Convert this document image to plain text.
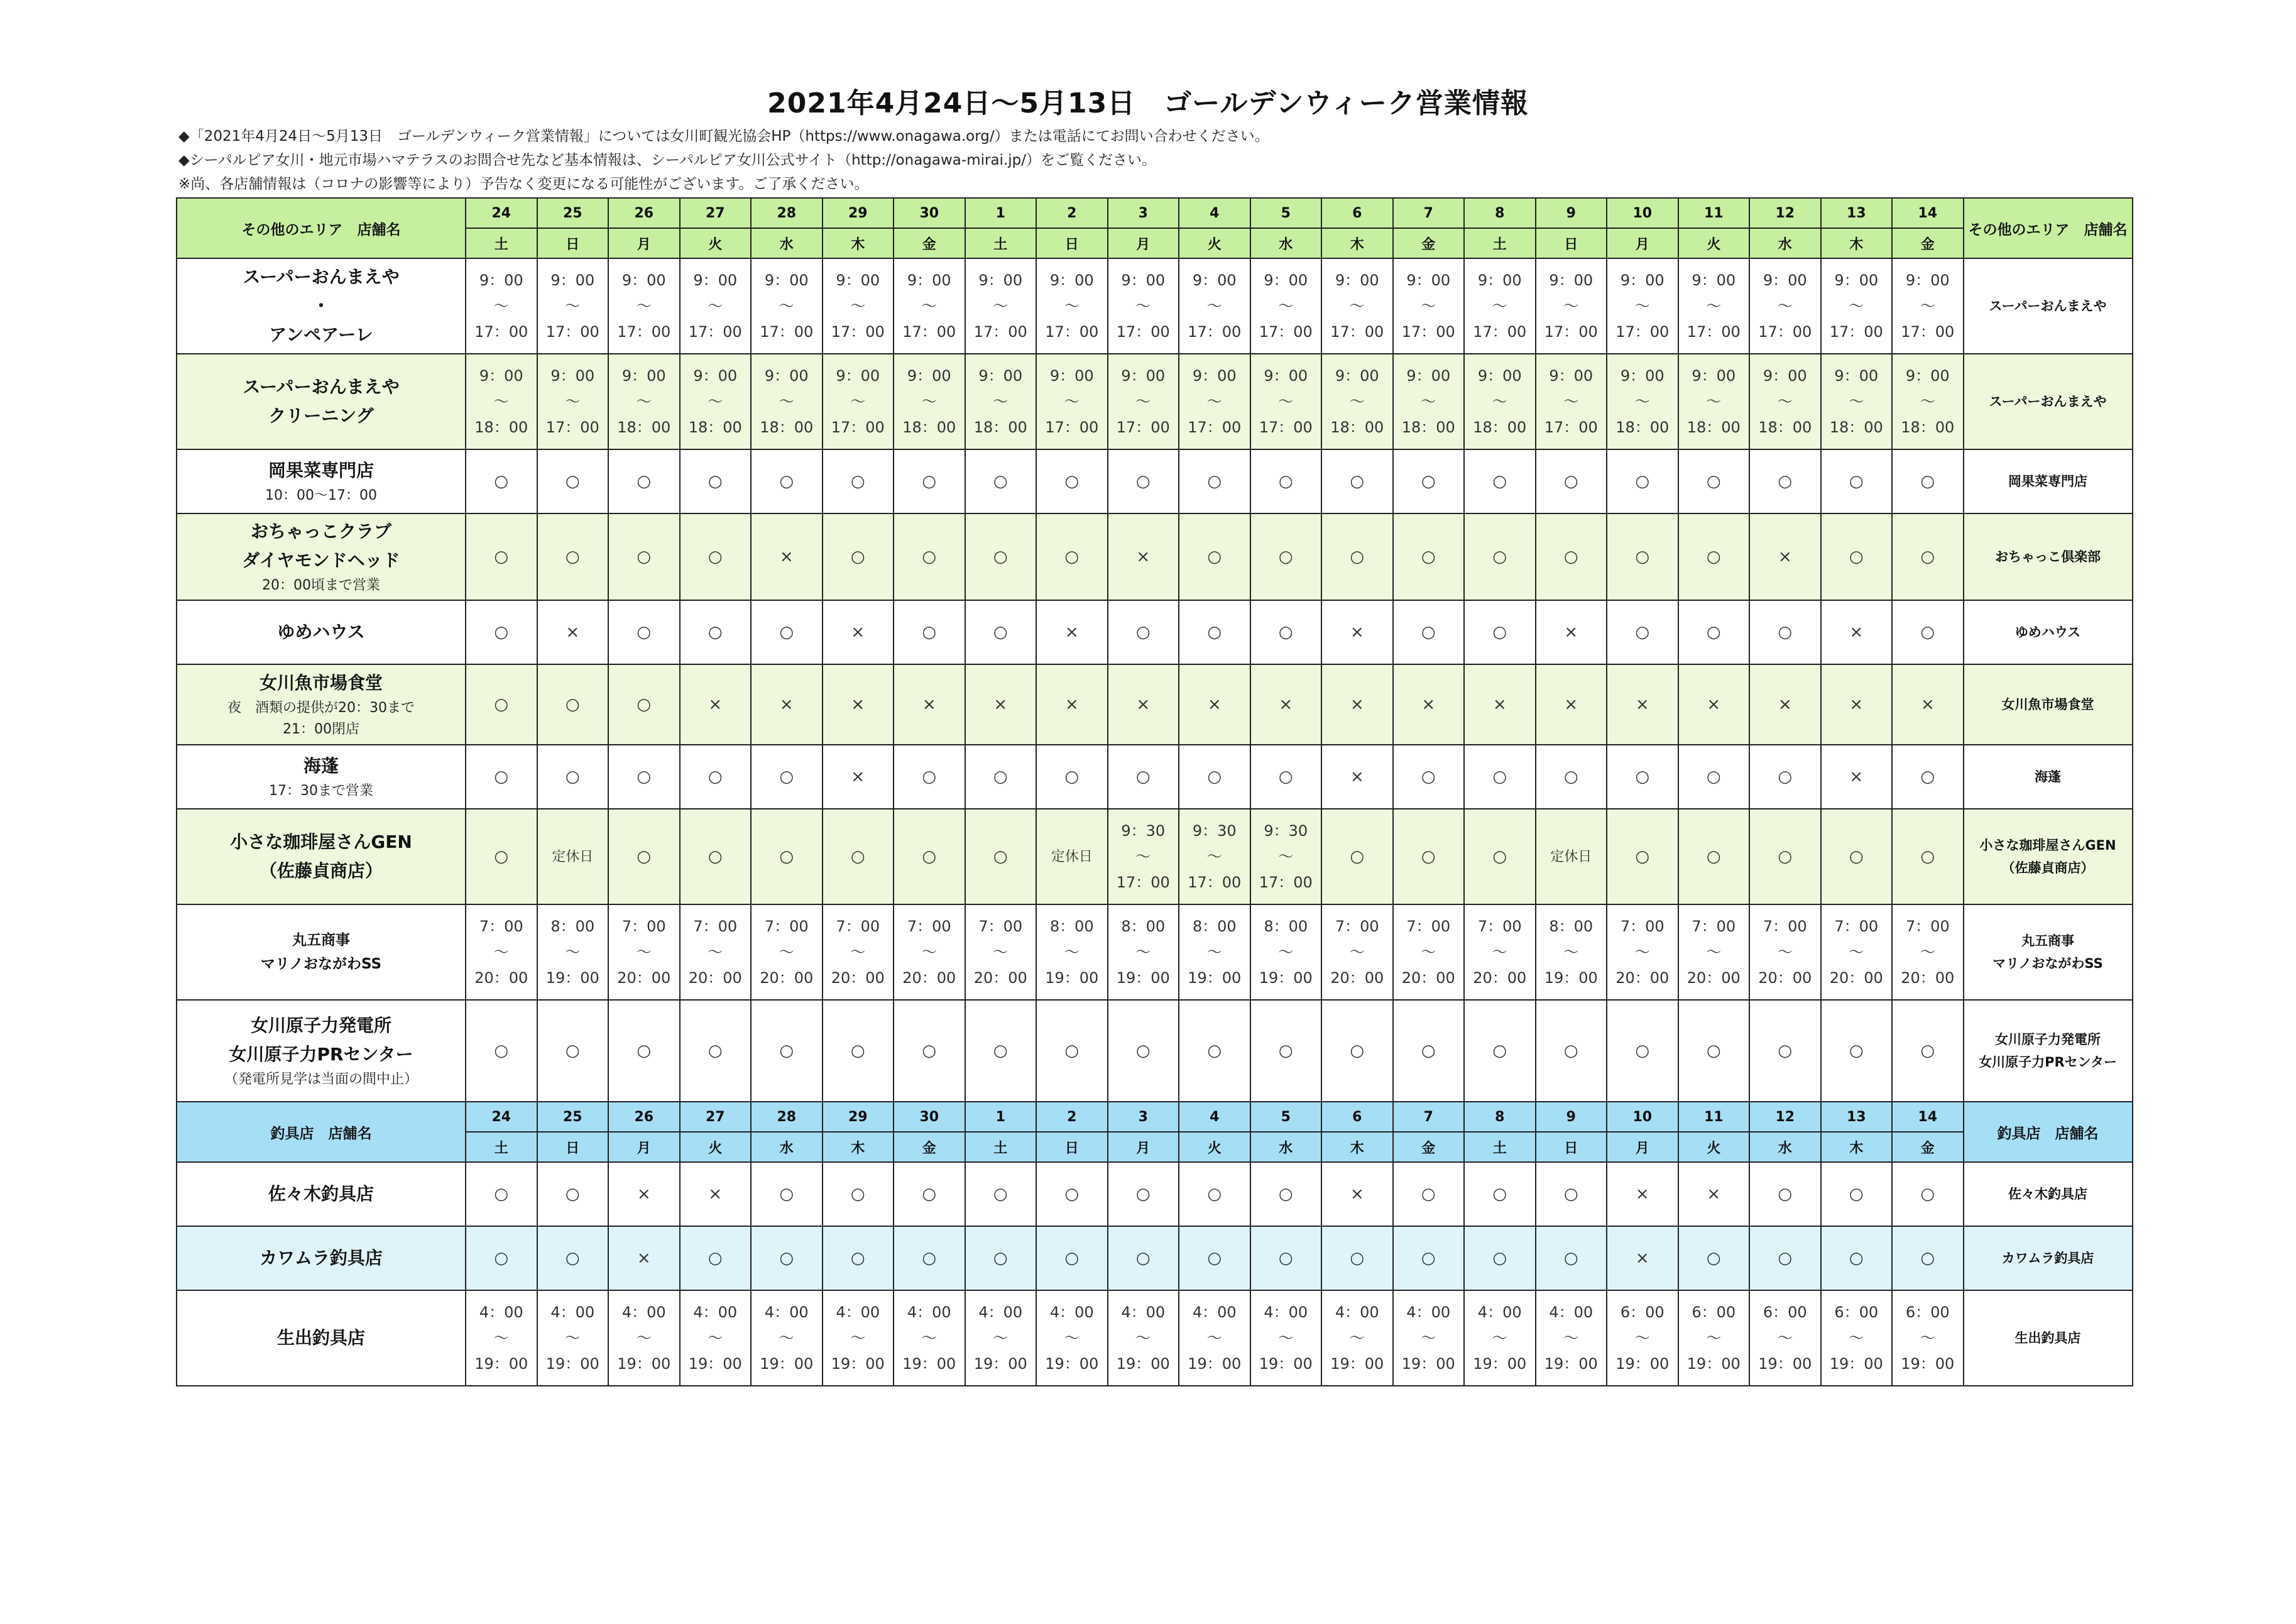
2021年4月24日～5月13日　ゴールデンウィーク営業情報
◆「2021年4月24日～5月13日　ゴールデンウィーク営業情報」については女川町観光協会HP（https://www.onagawa.org/）または電話にてお問い合わせください。
◆シーパルピア女川・地元市場ハマテラスのお問合せ先など基本情報は、シーパルピア女川公式サイト（http://onagawa-mirai.jp/）をご覧ください。
※尚、各店舗情報は（コロナの影響等により）予告なく変更になる可能性がございます。ご了承ください。
その他のエリア　店舗名	24	25	26	27	28	29	30	1	2	3	4	5	6	7	8	9	10	11	12	13	14	その他のエリア　店舗名
	土	日	月	火	水	木	金	土	日	月	火	水	木	金	土	日	月	火	水	木	金	

スーパーおんまえや
・
アンペアーレ	9：00
～
17：00	9：00
～
17：00	9：00
～
17：00	9：00
～
17：00	9：00
～
17：00	9：00
～
17：00	9：00
～
17：00	9：00
～
17：00	9：00
～
17：00	9：00
～
17：00	9：00
～
17：00	9：00
～
17：00	9：00
～
17：00	9：00
～
17：00	9：00
～
17：00	9：00
～
17：00	9：00
～
17：00	9：00
～
17：00	9：00
～
17：00	9：00
～
17：00	9：00
～
17：00	スーパーおんまえや

スーパーおんまえや
クリーニング	9：00
～
18：00	9：00
～
17：00	9：00
～
18：00	9：00
～
18：00	9：00
～
18：00	9：00
～
17：00	9：00
～
18：00	9：00
～
18：00	9：00
～
17：00	9：00
～
17：00	9：00
～
17：00	9：00
～
17：00	9：00
～
18：00	9：00
～
18：00	9：00
～
18：00	9：00
～
17：00	9：00
～
18：00	9：00
～
18：00	9：00
～
18：00	9：00
～
18：00	9：00
～
18：00	スーパーおんまえや

岡果菜専門店
10：00～17：00	○	○	○	○	○	○	○	○	○	○	○	○	○	○	○	○	○	○	○	○	○	岡果菜専門店

おちゃっこクラブ
ダイヤモンドヘッド
20：00頃まで営業	○	○	○	○	×	○	○	○	○	×	○	○	○	○	○	○	○	○	×	○	○	おちゃっこ倶楽部

ゆめハウス	○	×	○	○	○	×	○	○	×	○	○	○	×	○	○	×	○	○	○	×	○	ゆめハウス

女川魚市場食堂
夜　酒類の提供が20：30まで
21：00閉店	○	○	○	×	×	×	×	×	×	×	×	×	×	×	×	×	×	×	×	×	×	女川魚市場食堂

海蓬
17：30まで営業	○	○	○	○	○	×	○	○	○	○	○	○	×	○	○	○	○	○	○	×	○	海蓬

小さな珈琲屋さんGEN
（佐藤貞商店）	○	定休日	○	○	○	○	○	○	定休日	9：30
～
17：00	9：30
～
17：00	9：30
～
17：00	○	○	○	定休日	○	○	○	○	○	小さな珈琲屋さんGEN
（佐藤貞商店）

丸五商事
マリノおながわSS	7：00
～
20：00	8：00
～
19：00	7：00
～
20：00	7：00
～
20：00	7：00
～
20：00	7：00
～
20：00	7：00
～
20：00	7：00
～
20：00	8：00
～
19：00	8：00
～
19：00	8：00
～
19：00	8：00
～
19：00	7：00
～
20：00	7：00
～
20：00	7：00
～
20：00	8：00
～
19：00	7：00
～
20：00	7：00
～
20：00	7：00
～
20：00	7：00
～
20：00	7：00
～
20：00	丸五商事
マリノおながわSS

女川原子力発電所
女川原子力PRセンター
（発電所見学は当面の間中止）	○	○	○	○	○	○	○	○	○	○	○	○	○	○	○	○	○	○	○	○	○	女川原子力発電所
女川原子力PRセンター

釣具店　店舗名	24	25	26	27	28	29	30	1	2	3	4	5	6	7	8	9	10	11	12	13	14	釣具店　店舗名
	土	日	月	火	水	木	金	土	日	月	火	水	木	金	土	日	月	火	水	木	金	

佐々木釣具店	○	○	×	×	○	○	○	○	○	○	○	○	×	○	○	○	×	×	○	○	○	佐々木釣具店

カワムラ釣具店	○	○	×	○	○	○	○	○	○	○	○	○	○	○	○	○	×	○	○	○	○	カワムラ釣具店

生出釣具店	4：00
～
19：00	4：00
～
19：00	4：00
～
19：00	4：00
～
19：00	4：00
～
19：00	4：00
～
19：00	4：00
～
19：00	4：00
～
19：00	4：00
～
19：00	4：00
～
19：00	4：00
～
19：00	4：00
～
19：00	4：00
～
19：00	4：00
～
19：00	4：00
～
19：00	4：00
～
19：00	6：00
～
19：00	6：00
～
19：00	6：00
～
19：00	6：00
～
19：00	6：00
～
19：00	生出釣具店
